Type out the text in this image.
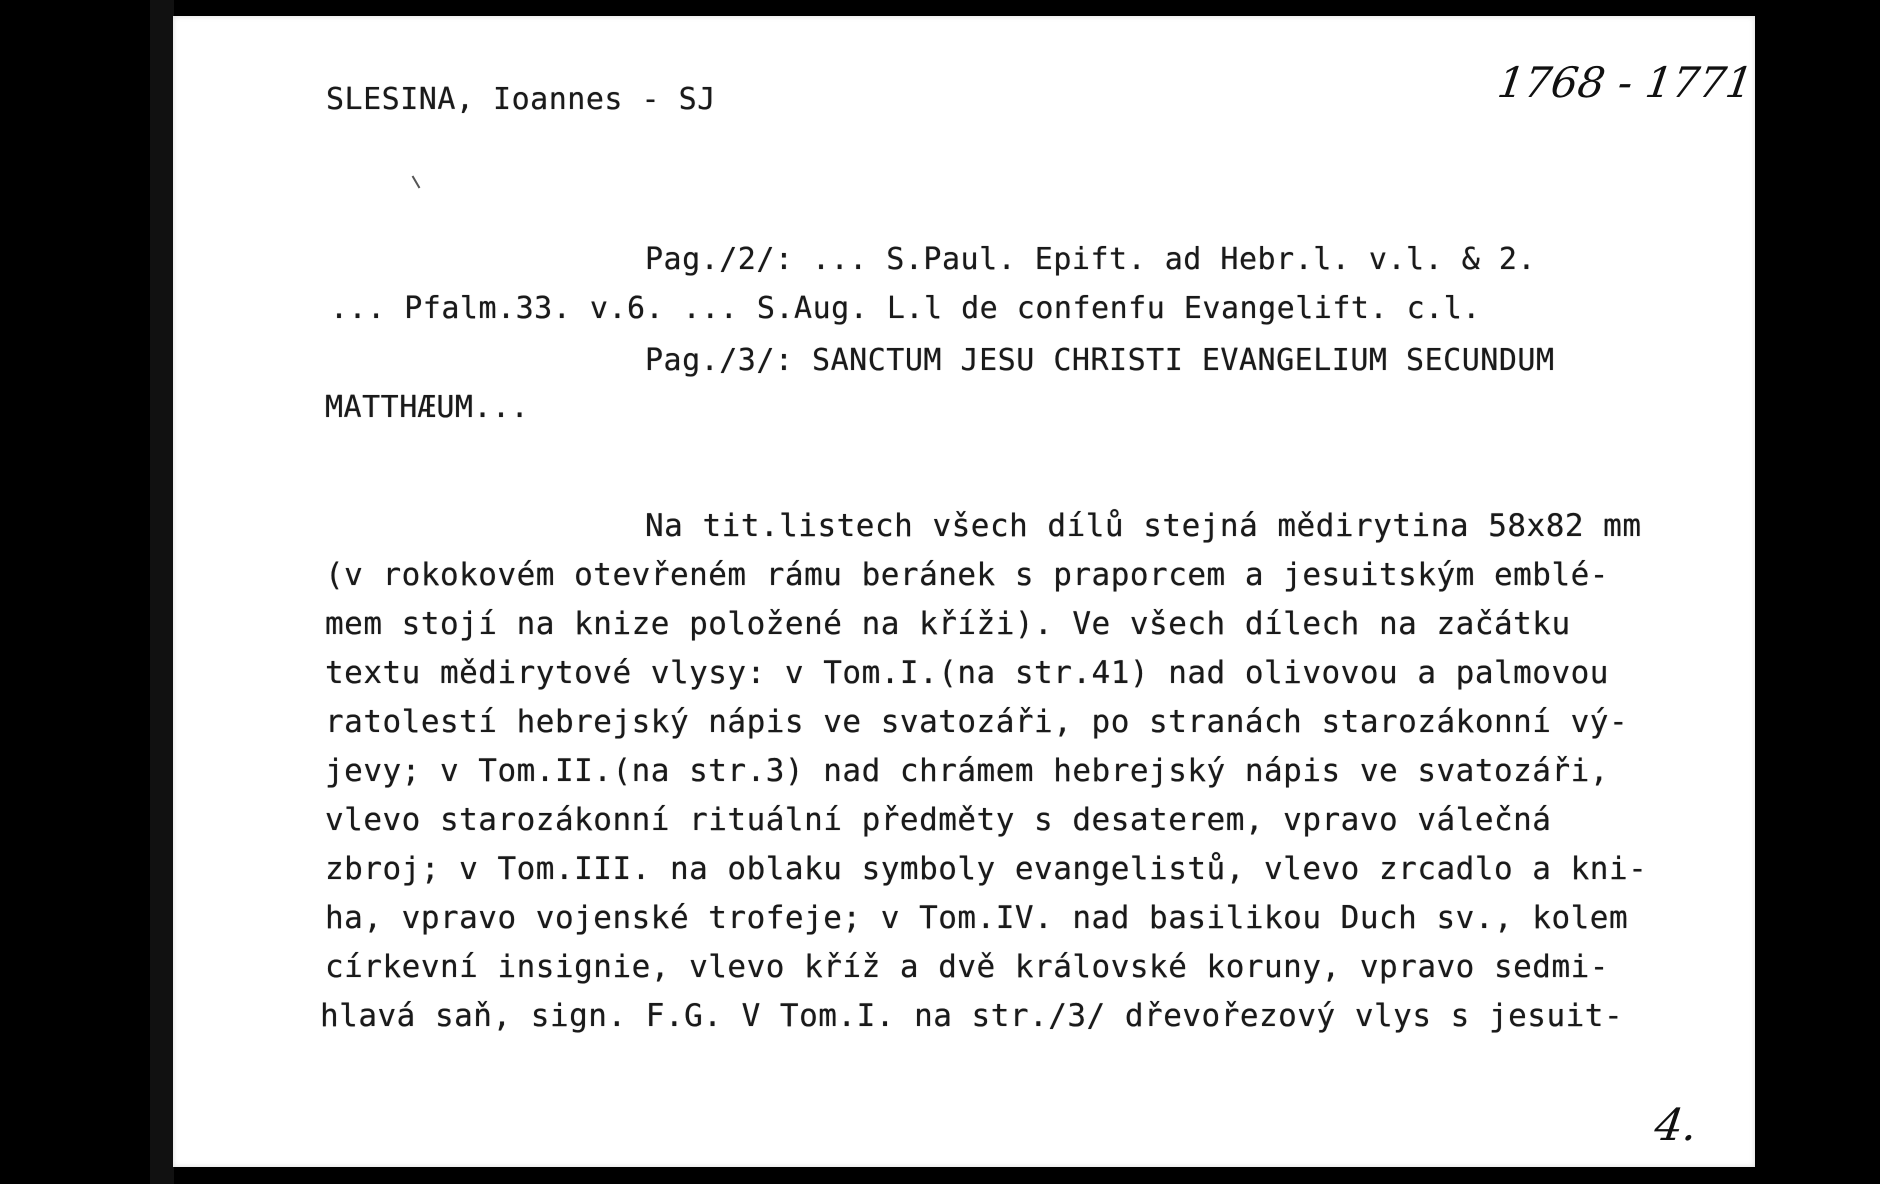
SLESINA, Ioannes - SJ	1768 - 1771
Pag./2/: ... S.Paul. Epift. ad Hebr.l. v.l. & 2.
... Pfalm.33. v.6. ... S.Aug. L.l de confenfu Evangelift. c.l.
Pag./3/: SANCTUM JESU CHRISTI EVANGELIUM SECUNDUM
MATTHÆUM...
Na tit.listech všech dílů stejná mědirytina 58x82 mm
(v rokokovém otevřeném rámu beránek s praporcem a jesuitským emblé-
mem stojí na knize položené na kříži). Ve všech dílech na začátku
textu mědirytové vlysy: v Tom.I.(na str.41) nad olivovou a palmovou
ratolestí hebrejský nápis ve svatozáři, po stranách starozákonní vý-
jevy; v Tom.II.(na str.3) nad chrámem hebrejský nápis ve svatozáři,
vlevo starozákonní rituální předměty s desaterem, vpravo válečná
zbroj; v Tom.III. na oblaku symboly evangelistů, vlevo zrcadlo a kni-
ha, vpravo vojenské trofeje; v Tom.IV. nad basilikou Duch sv., kolem
církevní insignie, vlevo kříž a dvě královské koruny, vpravo sedmi-
hlavá saň, sign. F.G. V Tom.I. na str./3/ dřevořezový vlys s jesuit-
4.
